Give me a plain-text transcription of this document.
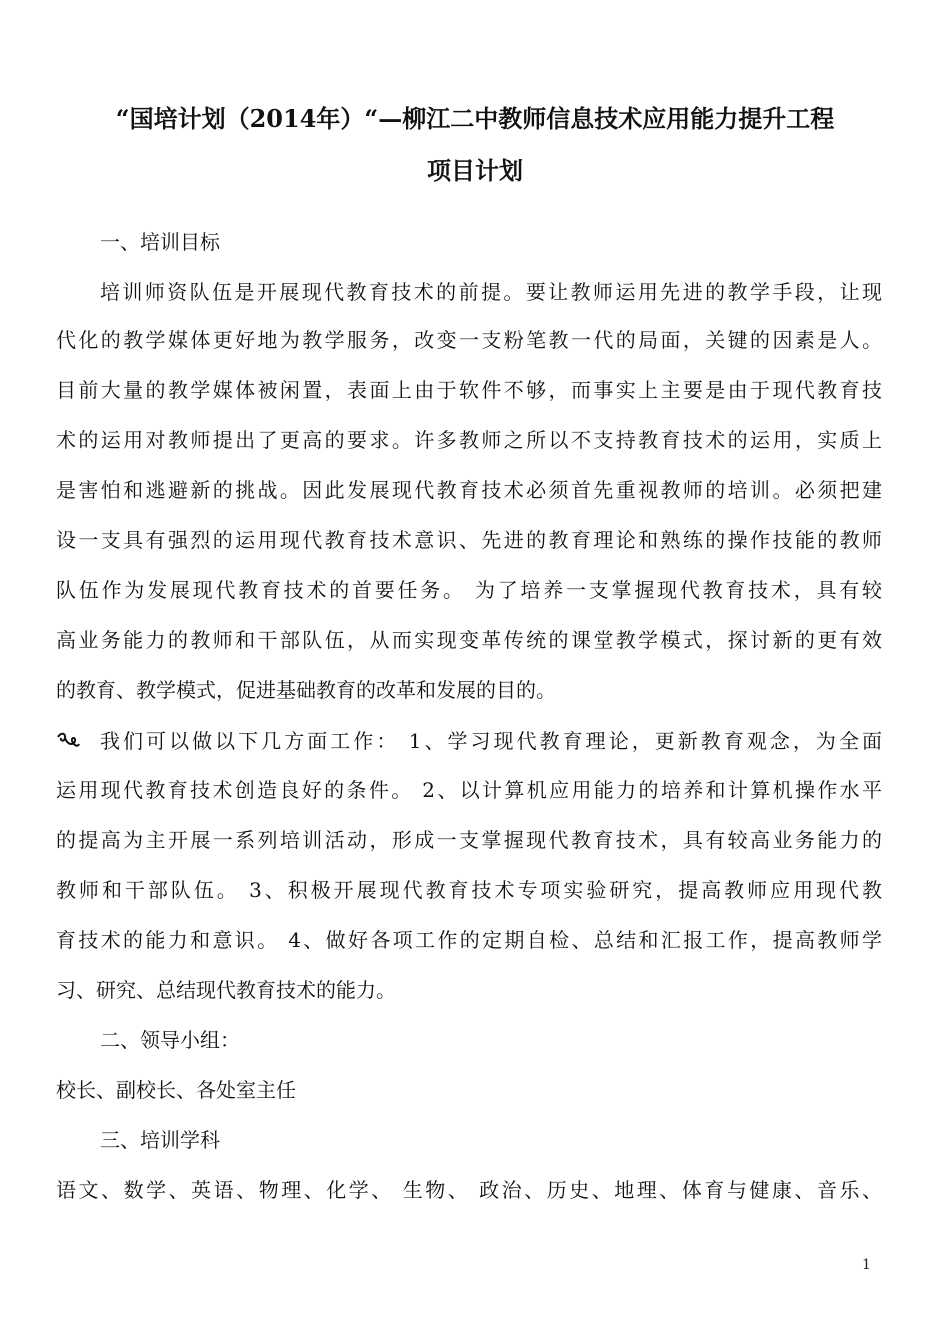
“国培计划（2014年）“—柳江二中教师信息技术应用能力提升工程
项目计划
一、培训目标
培训师资队伍是开展现代教育技术的前提。要让教师运用先进的教学手段，让现
代化的教学媒体更好地为教学服务，改变一支粉笔教一代的局面，关键的因素是人。
目前大量的教学媒体被闲置，表面上由于软件不够，而事实上主要是由于现代教育技
术的运用对教师提出了更高的要求。许多教师之所以不支持教育技术的运用，实质上
是害怕和逃避新的挑战。因此发展现代教育技术必须首先重视教师的培训。必须把建
设一支具有强烈的运用现代教育技术意识、先进的教育理论和熟练的操作技能的教师
队伍作为发展现代教育技术的首要任务。 为了培养一支掌握现代教育技术，具有较
高业务能力的教师和干部队伍，从而实现变革传统的课堂教学模式，探讨新的更有效
的教育、教学模式，促进基础教育的改革和发展的目的。
我们可以做以下几方面工作： 1、学习现代教育理论，更新教育观念，为全面
运用现代教育技术创造良好的条件。 2、以计算机应用能力的培养和计算机操作水平
的提高为主开展一系列培训活动，形成一支掌握现代教育技术，具有较高业务能力的
教师和干部队伍。 3、积极开展现代教育技术专项实验研究，提高教师应用现代教
育技术的能力和意识。 4、做好各项工作的定期自检、总结和汇报工作，提高教师学
习、研究、总结现代教育技术的能力。
二、领导小组：
校长、副校长、各处室主任
三、培训学科
语文、数学、英语、物理、化学、 生物、 政治、历史、地理、体育与健康、音乐、
1
